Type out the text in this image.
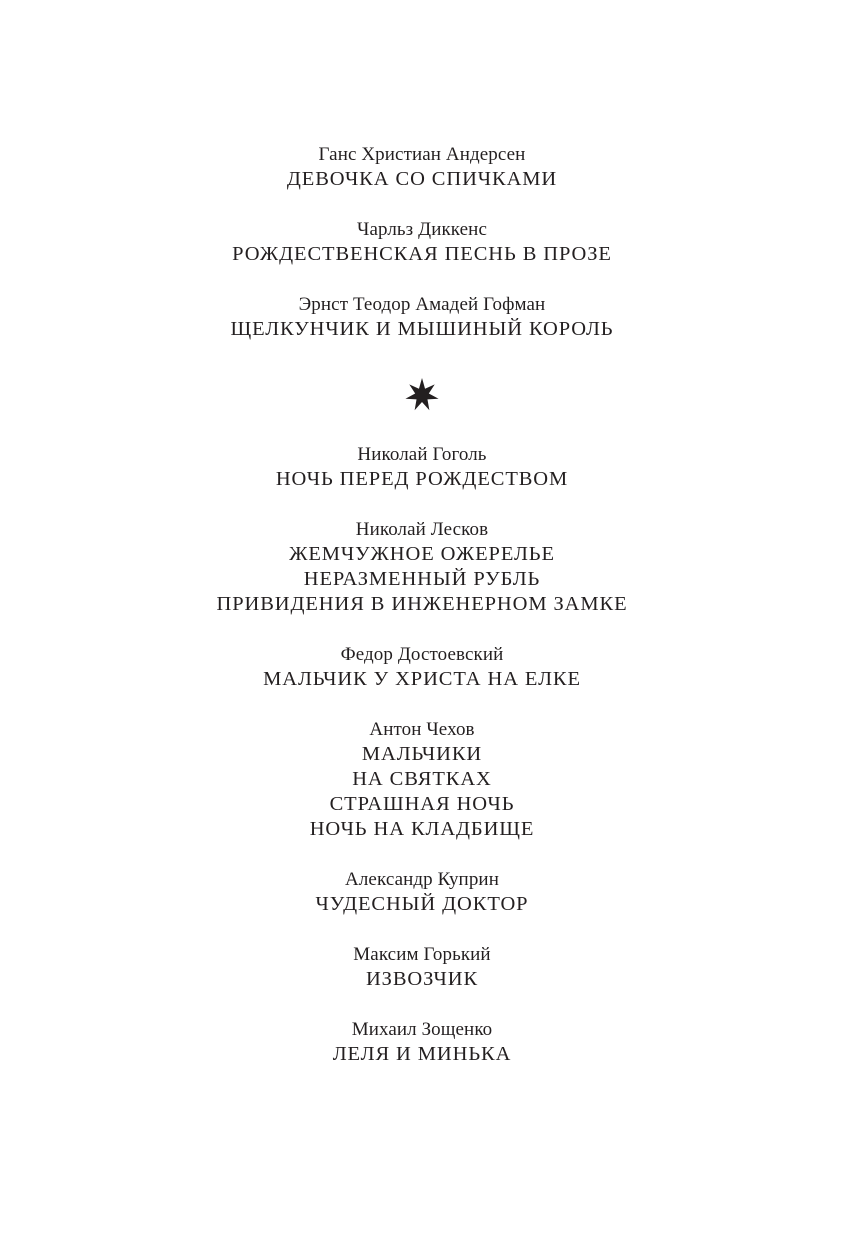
Ганс Христиан Андерсен
ДЕВОЧКА СО СПИЧКАМИ
Чарльз Диккенс
РОЖДЕСТВЕНСКАЯ ПЕСНЬ В ПРОЗЕ
Эрнст Теодор Амадей Гофман
ЩЕЛКУНЧИК И МЫШИНЫЙ КОРОЛЬ
Николай Гоголь
НОЧЬ ПЕРЕД РОЖДЕСТВОМ
Николай Лесков
ЖЕМЧУЖНОЕ ОЖЕРЕЛЬЕ
НЕРАЗМЕННЫЙ РУБЛЬ
ПРИВИДЕНИЯ В ИНЖЕНЕРНОМ ЗАМКЕ
Федор Достоевский
МАЛЬЧИК У ХРИСТА НА ЕЛКЕ
Антон Чехов
МАЛЬЧИКИ
НА СВЯТКАХ
СТРАШНАЯ НОЧЬ
НОЧЬ НА КЛАДБИЩЕ
Александр Куприн
ЧУДЕСНЫЙ ДОКТОР
Максим Горький
ИЗВОЗЧИК
Михаил Зощенко
ЛЕЛЯ И МИНЬКА
